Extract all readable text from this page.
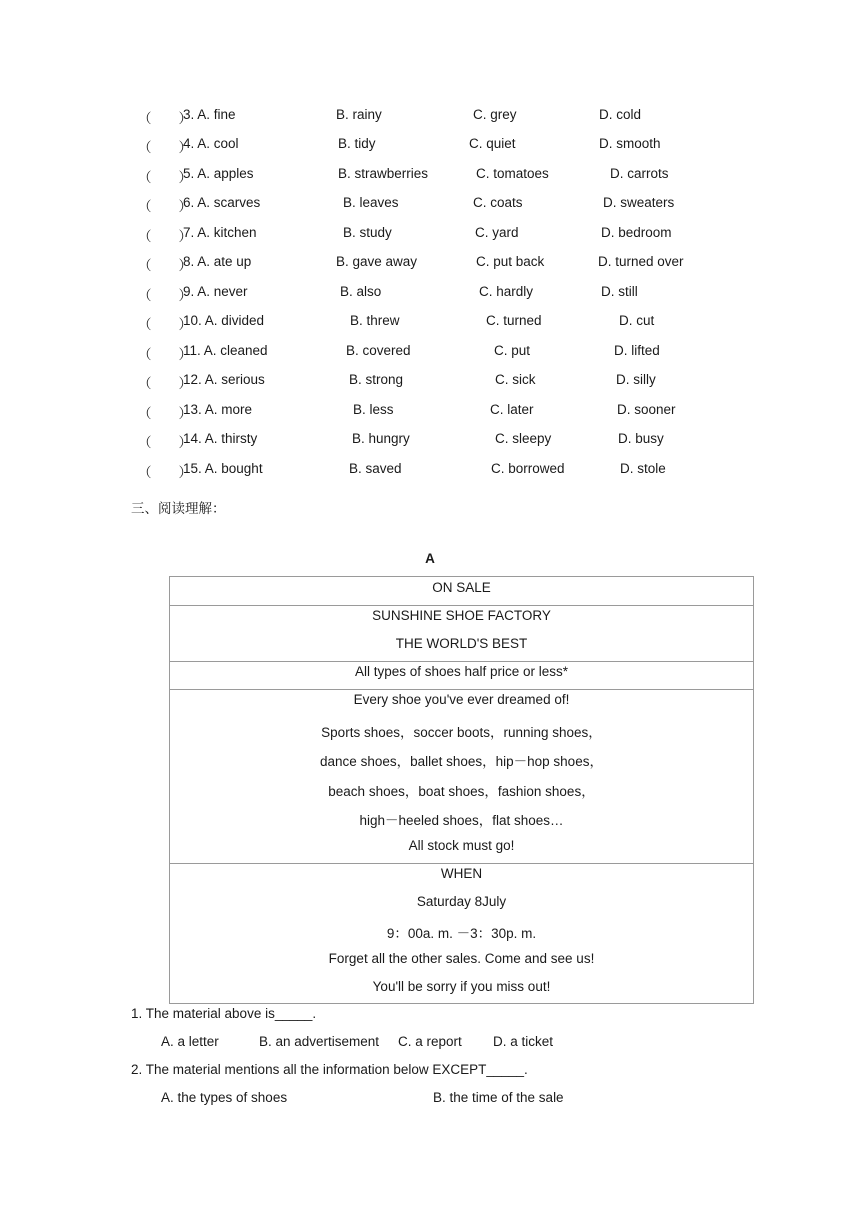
（　　）
3. A. fine	B. rainy	C. grey	D. cold
（　　）
4. A. cool	B. tidy	C. quiet	D. smooth
（　　）
5. A. apples	B. strawberries	C. tomatoes	D. carrots
（　　）
6. A. scarves	B. leaves	C. coats	D. sweaters
（　　）
7. A. kitchen	B. study	C. yard	D. bedroom
（　　）
8. A. ate up	B. gave away	C. put back	D. turned over
（　　）
9. A. never	B. also	C. hardly	D. still
（　　）
10. A. divided	B. threw	C. turned	D. cut
（　　）
11. A. cleaned	B. covered	C. put	D. lifted
（　　）
12. A. serious	B. strong	C. sick	D. silly
（　　）
13. A. more	B. less	C. later	D. sooner
（　　）
14. A. thirsty	B. hungry	C. sleepy	D. busy
（　　）
15. A. bought	B. saved	C. borrowed	D. stole
三、阅读理解：
A
ON SALE
SUNSHINE SHOE FACTORY
THE WORLD'S BEST
All types of shoes half price or less*
Every shoe you've ever dreamed of!
Sports shoes，soccer boots，running shoes，
dance shoes，ballet shoes，hip－hop shoes，
beach shoes，boat shoes，fashion shoes，
high－heeled shoes，flat shoes…
All stock must go!
WHEN
Saturday 8July
9：00a. m. －3：30p. m.
Forget all the other sales. Come and see us!
You'll be sorry if you miss out!
1. The material above is_____.
A. a letter	B. an advertisement C. a report D. a ticket
2. The material mentions all the information below EXCEPT_____.
A. the types of shoes	B. the time of the sale
